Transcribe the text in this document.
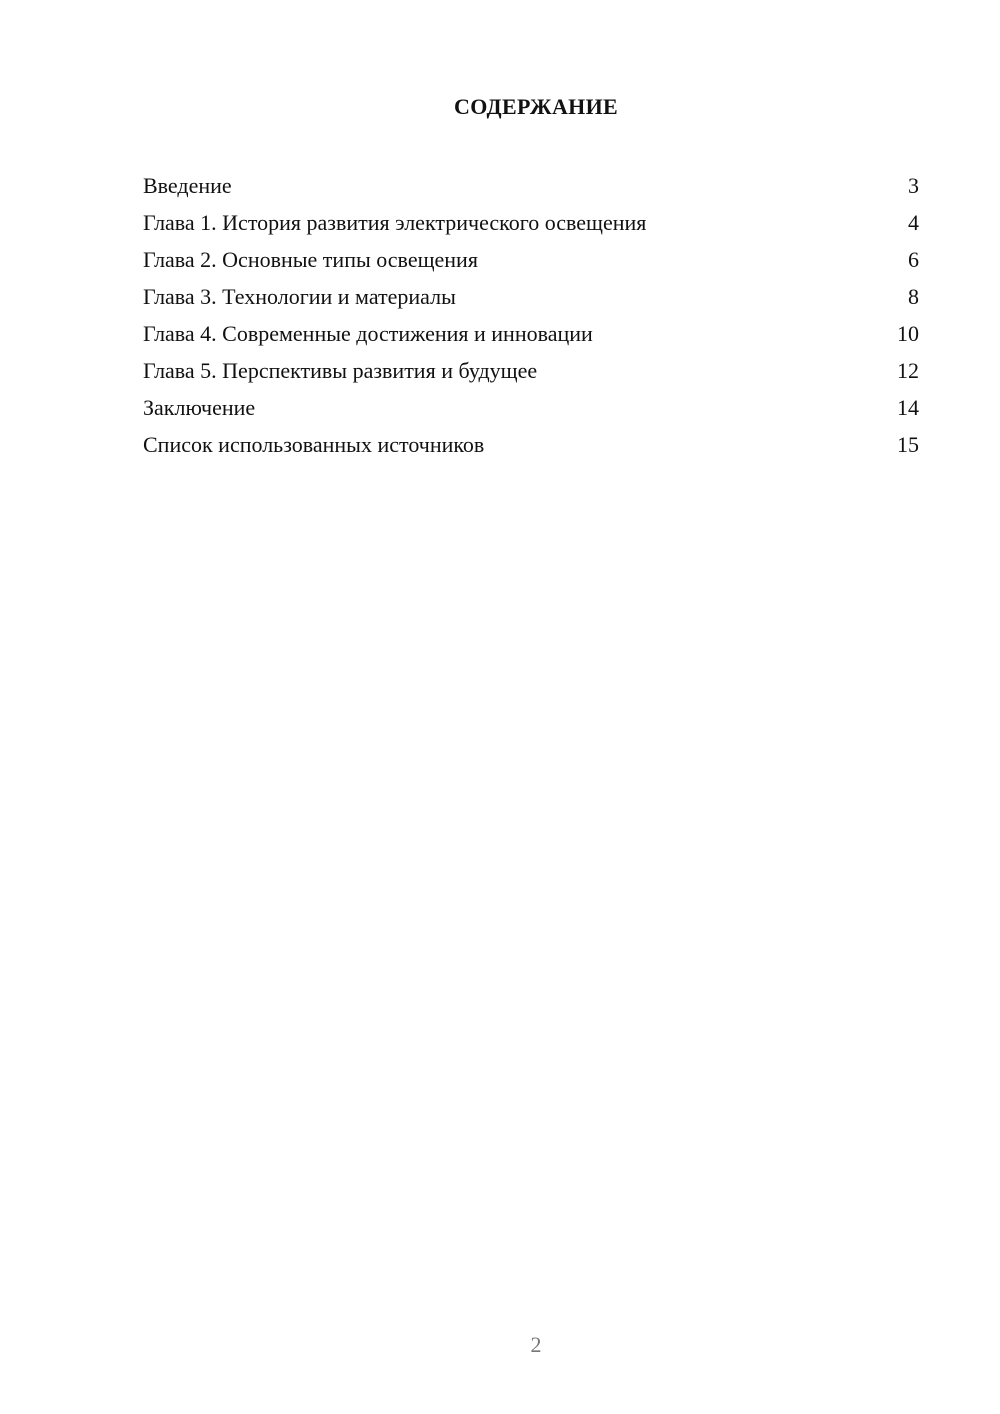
СОДЕРЖАНИЕ
Введение	3
Глава 1. История развития электрического освещения	4
Глава 2. Основные типы освещения	6
Глава 3. Технологии и материалы	8
Глава 4. Современные достижения и инновации	10
Глава 5. Перспективы развития и будущее	12
Заключение	14
Список использованных источников	15
2
